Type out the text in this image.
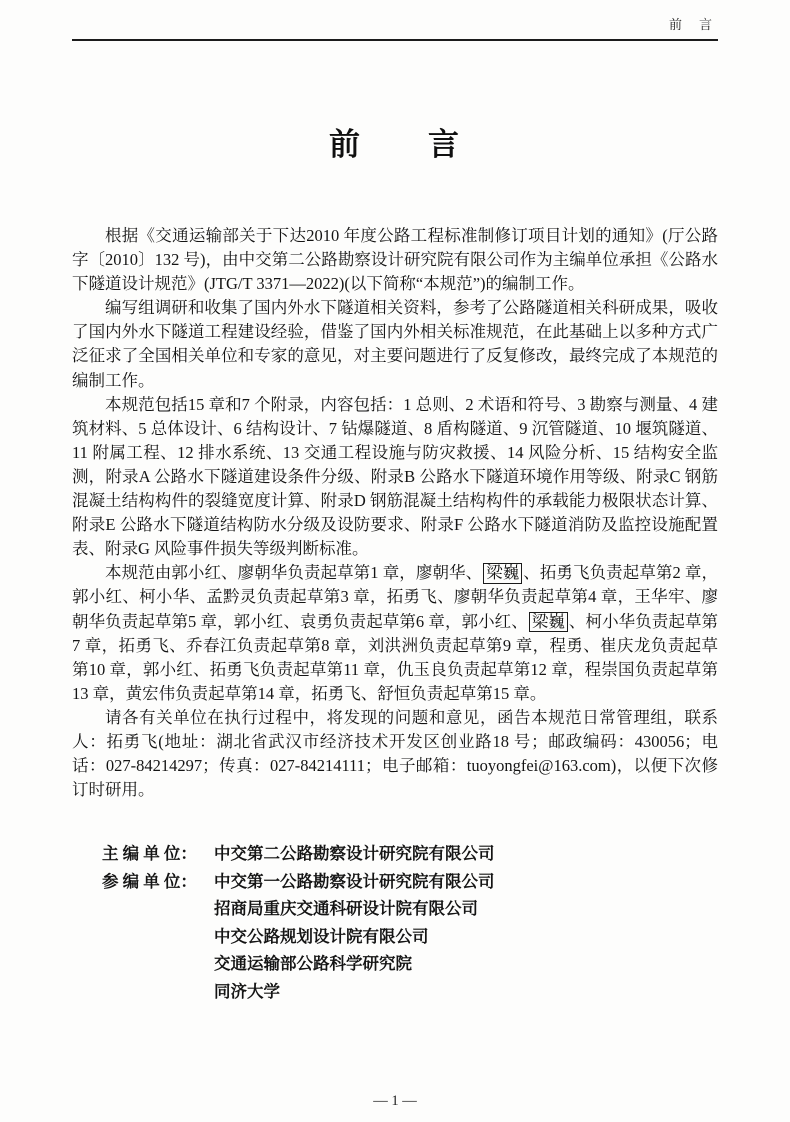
前　言
前　　言

根据《交通运输部关于下达2010 年度公路工程标准制修订项目计划的通知》(厅公路字〔2010〕132 号)，由中交第二公路勘察设计研究院有限公司作为主编单位承担《公路水下隧道设计规范》(JTG/T 3371—2022)(以下简称“本规范”)的编制工作。

编写组调研和收集了国内外水下隧道相关资料，参考了公路隧道相关科研成果，吸收了国内外水下隧道工程建设经验，借鉴了国内外相关标准规范，在此基础上以多种方式广泛征求了全国相关单位和专家的意见，对主要问题进行了反复修改，最终完成了本规范的编制工作。

本规范包括15 章和7 个附录，内容包括：1 总则、2 术语和符号、3 勘察与测量、4 建筑材料、5 总体设计、6 结构设计、7 钻爆隧道、8 盾构隧道、9 沉管隧道、10 堰筑隧道、11 附属工程、12 排水系统、13 交通工程设施与防灾救援、14 风险分析、15 结构安全监测，附录A 公路水下隧道建设条件分级、附录B 公路水下隧道环境作用等级、附录C 钢筋混凝土结构构件的裂缝宽度计算、附录D 钢筋混凝土结构构件的承载能力极限状态计算、附录E 公路水下隧道结构防水分级及设防要求、附录F 公路水下隧道消防及监控设施配置表、附录G 风险事件损失等级判断标准。

本规范由郭小红、廖朝华负责起草第1 章，廖朝华、 梁巍 、拓勇飞负责起草第2 章，郭小红、柯小华、孟黔灵负责起草第3 章，拓勇飞、廖朝华负责起草第4 章，王华牢、廖朝华负责起草第5 章，郭小红、袁勇负责起草第6 章，郭小红、 梁巍 、柯小华负责起草第7 章，拓勇飞、乔春江负责起草第8 章，刘洪洲负责起草第9 章，程勇、崔庆龙负责起草第10 章，郭小红、拓勇飞负责起草第11 章，仇玉良负责起草第12 章，程崇国负责起草第13 章，黄宏伟负责起草第14 章，拓勇飞、舒恒负责起草第15 章。

请各有关单位在执行过程中，将发现的问题和意见，函告本规范日常管理组，联系人：拓勇飞(地址：湖北省武汉市经济技术开发区创业路18 号；邮政编码：430056；电话：027-84214297；传真：027-84214111；电子邮箱：tuoyongfei@163.com)，以便下次修订时研用。

主 编 单 位： 中交第二公路勘察设计研究院有限公司
参 编 单 位： 中交第一公路勘察设计研究院有限公司
招商局重庆交通科研设计院有限公司
中交公路规划设计院有限公司
交通运输部公路科学研究院
同济大学
— 1 —
